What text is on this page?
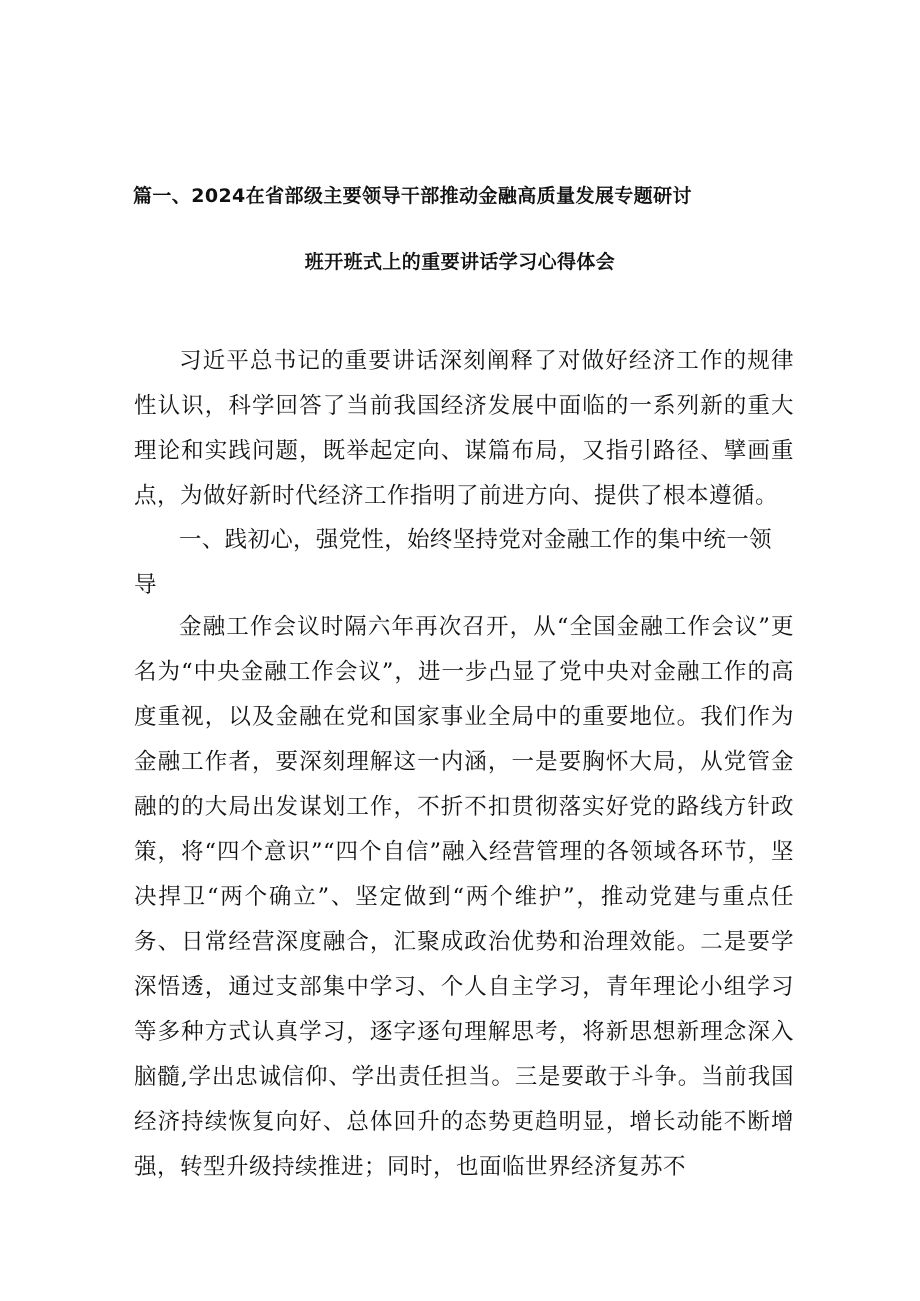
篇一、2024在省部级主要领导干部推动金融高质量发展专题研讨
班开班式上的重要讲话学习心得体会

习近平总书记的重要讲话深刻阐释了对做好经济工作的规律性认识，科学回答了当前我国经济发展中面临的一系列新的重大理论和实践问题，既举起定向、谋篇布局，又指引路径、擘画重点，为做好新时代经济工作指明了前进方向、提供了根本遵循。

一、践初心，强党性，始终坚持党对金融工作的集中统一领导

金融工作会议时隔六年再次召开，从“全国金融工作会议”更名为“中央金融工作会议”，进一步凸显了党中央对金融工作的高度重视，以及金融在党和国家事业全局中的重要地位。我们作为金融工作者，要深刻理解这一内涵，一是要胸怀大局，从党管金融的的大局出发谋划工作，不折不扣贯彻落实好党的路线方针政策，将“四个意识”“四个自信”融入经营管理的各领域各环节，坚决捍卫“两个确立”、坚定做到“两个维护”，推动党建与重点任务、日常经营深度融合，汇聚成政治优势和治理效能。二是要学深悟透，通过支部集中学习、个人自主学习，青年理论小组学习等多种方式认真学习，逐字逐句理解思考，将新思想新理念深入脑髓,学出忠诚信仰、学出责任担当。三是要敢于斗争。当前我国经济持续恢复向好、总体回升的态势更趋明显，增长动能不断增强，转型升级持续推进；同时，也面临世界经济复苏不
